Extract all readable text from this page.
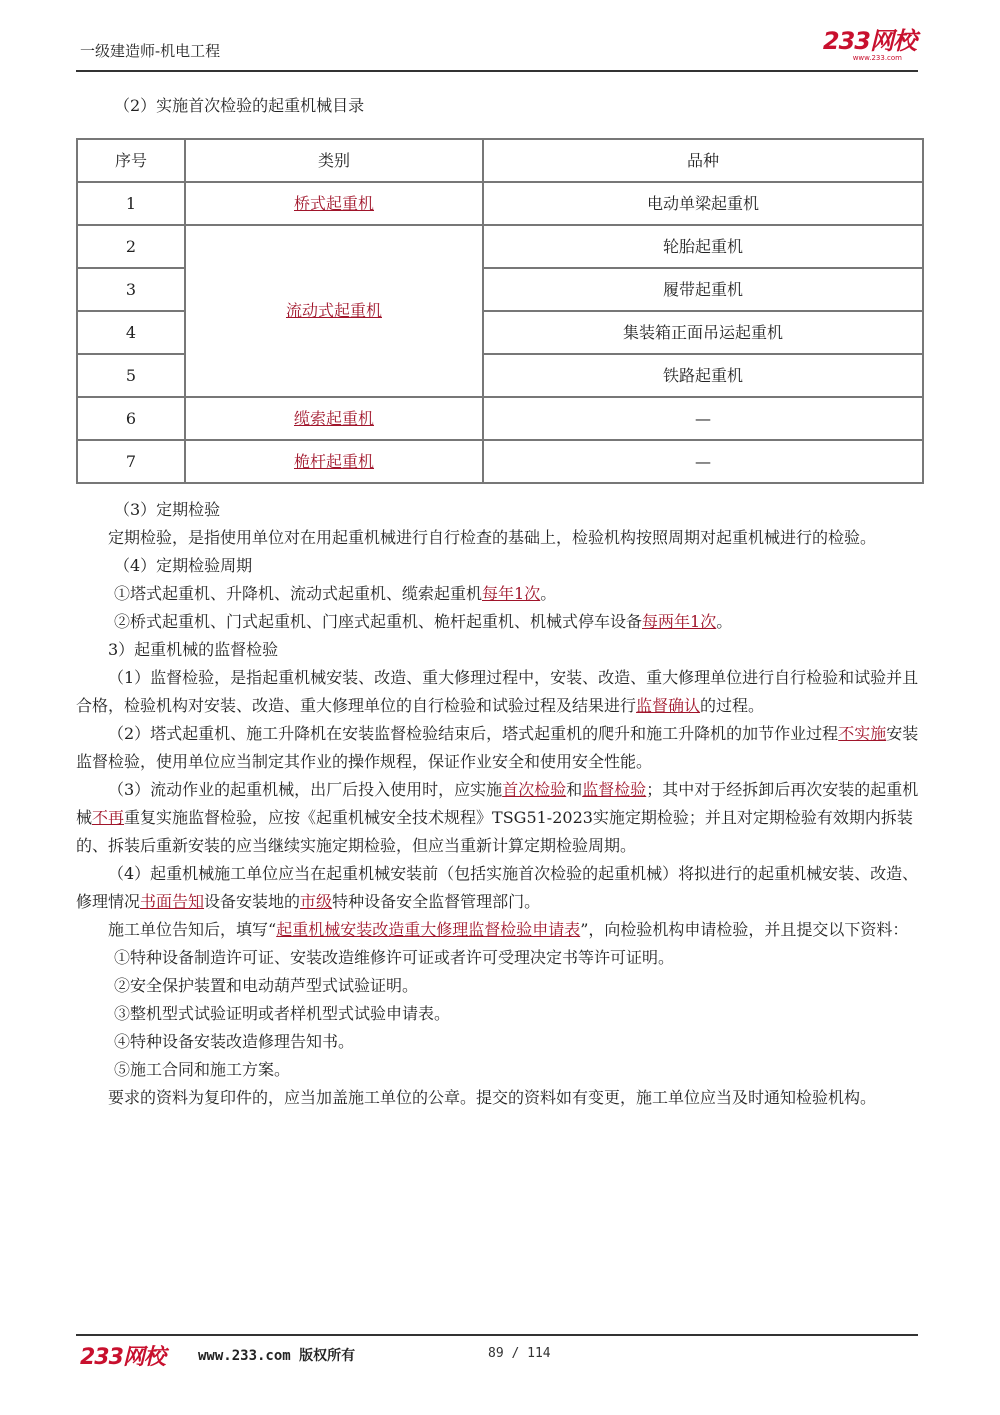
一级建造师-机电工程	233网校
www.233.com

（2）实施首次检验的起重机械目录

序号	类别	品种
1	桥式起重机	电动单梁起重机
2	流动式起重机	轮胎起重机
3		履带起重机
4		集装箱正面吊运起重机
5		铁路起重机
6	缆索起重机	—
7	桅杆起重机	—

（3）定期检验

定期检验，是指使用单位对在用起重机械进行自行检查的基础上，检验机构按照周期对起重机械进行的检验。

（4）定期检验周期

①塔式起重机、升降机、流动式起重机、缆索起重机每年1次。

②桥式起重机、门式起重机、门座式起重机、桅杆起重机、机械式停车设备每两年1次。

3）起重机械的监督检验

（1）监督检验，是指起重机械安装、改造、重大修理过程中，安装、改造、重大修理单位进行自行检验和试验并且合格，检验机构对安装、改造、重大修理单位的自行检验和试验过程及结果进行监督确认的过程。

（2）塔式起重机、施工升降机在安装监督检验结束后，塔式起重机的爬升和施工升降机的加节作业过程不实施安装监督检验，使用单位应当制定其作业的操作规程，保证作业安全和使用安全性能。

（3）流动作业的起重机械，出厂后投入使用时，应实施首次检验和监督检验；其中对于经拆卸后再次安装的起重机械不再重复实施监督检验，应按《起重机械安全技术规程》TSG51-2023实施定期检验；并且对定期检验有效期内拆装的、拆装后重新安装的应当继续实施定期检验，但应当重新计算定期检验周期。

（4）起重机械施工单位应当在起重机械安装前（包括实施首次检验的起重机械）将拟进行的起重机械安装、改造、修理情况书面告知设备安装地的市级特种设备安全监督管理部门。

施工单位告知后，填写“起重机械安装改造重大修理监督检验申请表”，向检验机构申请检验，并且提交以下资料：

①特种设备制造许可证、安装改造维修许可证或者许可受理决定书等许可证明。

②安全保护装置和电动葫芦型式试验证明。

③整机型式试验证明或者样机型式试验申请表。

④特种设备安装改造修理告知书。

⑤施工合同和施工方案。

要求的资料为复印件的，应当加盖施工单位的公章。提交的资料如有变更，施工单位应当及时通知检验机构。

233网校 www.233.com 版权所有	89 / 114
